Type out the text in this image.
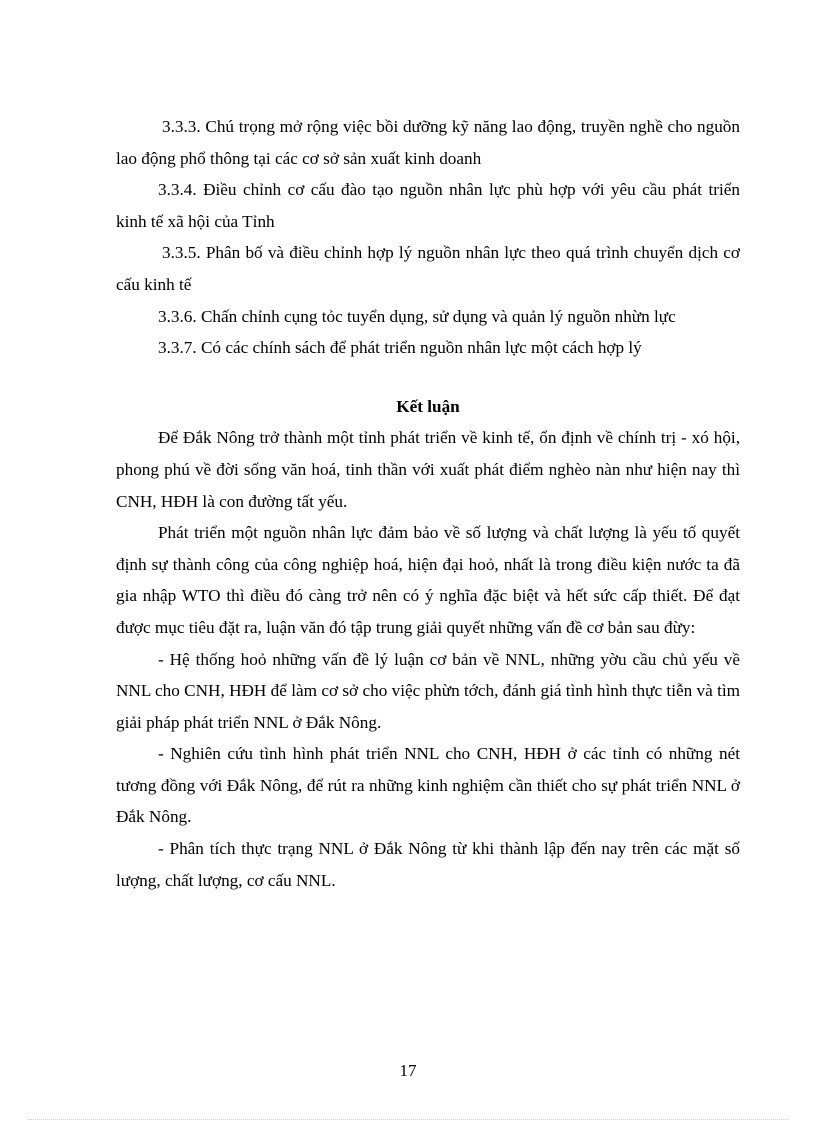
3.3.3. Chú trọng mở rộng việc bồi dưỡng kỹ năng lao động, truyền nghề cho nguồn lao động phổ thông tại các cơ sở sản xuất kinh doanh

3.3.4. Điều chỉnh cơ cấu đào tạo nguồn nhân lực phù hợp với yêu cầu phát triển kinh tế xã hội của Tỉnh

3.3.5. Phân bố và điều chỉnh hợp lý nguồn nhân lực theo quá trình chuyển dịch cơ cấu kinh tế

3.3.6. Chấn chỉnh cụng tỏc tuyển dụng, sử dụng và quản lý nguồn nhừn lực

3.3.7. Có các chính sách để phát triển nguồn nhân lực một cách hợp lý

Kết luận

Để Đắk Nông trở thành một tỉnh phát triển về kinh tế, ổn định về chính trị - xó hội, phong phú về đời sống văn hoá, tinh thần với xuất phát điểm nghèo nàn như hiện nay thì CNH, HĐH là con đường tất yếu.

Phát triển một nguồn nhân lực đảm bảo về số lượng và chất lượng là yếu tố quyết định sự thành công của công nghiệp hoá, hiện đại hoỏ, nhất là trong điều kiện nước ta đã gia nhập WTO thì điều đó càng trở nên có ý nghĩa đặc biệt và hết sức cấp thiết. Để đạt được mục tiêu đặt ra, luận văn đó tập trung giải quyết những vấn đề cơ bản sau đừy:

- Hệ thống hoỏ những vấn đề lý luận cơ bản về NNL, những yờu cầu chủ yếu về NNL cho CNH, HĐH để làm cơ sở cho việc phừn tớch, đánh giá tình hình thực tiễn và tìm giải pháp phát triển NNL ở Đắk Nông.

- Nghiên cứu tình hình phát triển NNL cho CNH, HĐH ở các tỉnh có những nét tương đồng với Đắk Nông, để rút ra những kinh nghiệm cần thiết cho sự phát triển NNL ở Đắk Nông.

- Phân tích thực trạng NNL ở Đắk Nông từ khi thành lập đến nay trên các mặt số lượng, chất lượng, cơ cấu NNL.

17
